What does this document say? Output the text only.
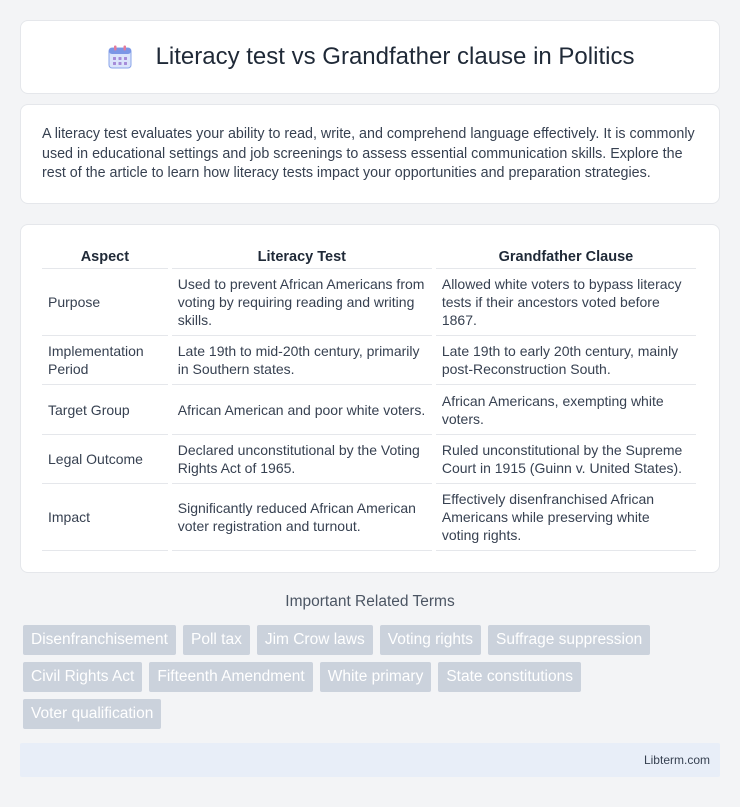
Literacy test vs Grandfather clause in Politics

A literacy test evaluates your ability to read, write, and comprehend language effectively. It is commonly used in educational settings and job screenings to assess essential communication skills. Explore the rest of the article to learn how literacy tests impact your opportunities and preparation strategies.

Aspect	Literacy Test	Grandfather Clause
Purpose	Used to prevent African Americans from voting by requiring reading and writing skills.	Allowed white voters to bypass literacy tests if their ancestors voted before 1867.
Implementation Period	Late 19th to mid-20th century, primarily in Southern states.	Late 19th to early 20th century, mainly post-Reconstruction South.
Target Group	African American and poor white voters.	African Americans, exempting white voters.
Legal Outcome	Declared unconstitutional by the Voting Rights Act of 1965.	Ruled unconstitutional by the Supreme Court in 1915 (Guinn v. United States).
Impact	Significantly reduced African American voter registration and turnout.	Effectively disenfranchised African Americans while preserving white voting rights.
Important Related Terms
Disenfranchisement	Poll tax	Jim Crow laws	Voting rights	Suffrage suppression
Civil Rights Act	Fifteenth Amendment	White primary	State constitutions
Voter qualification
Libterm.com
